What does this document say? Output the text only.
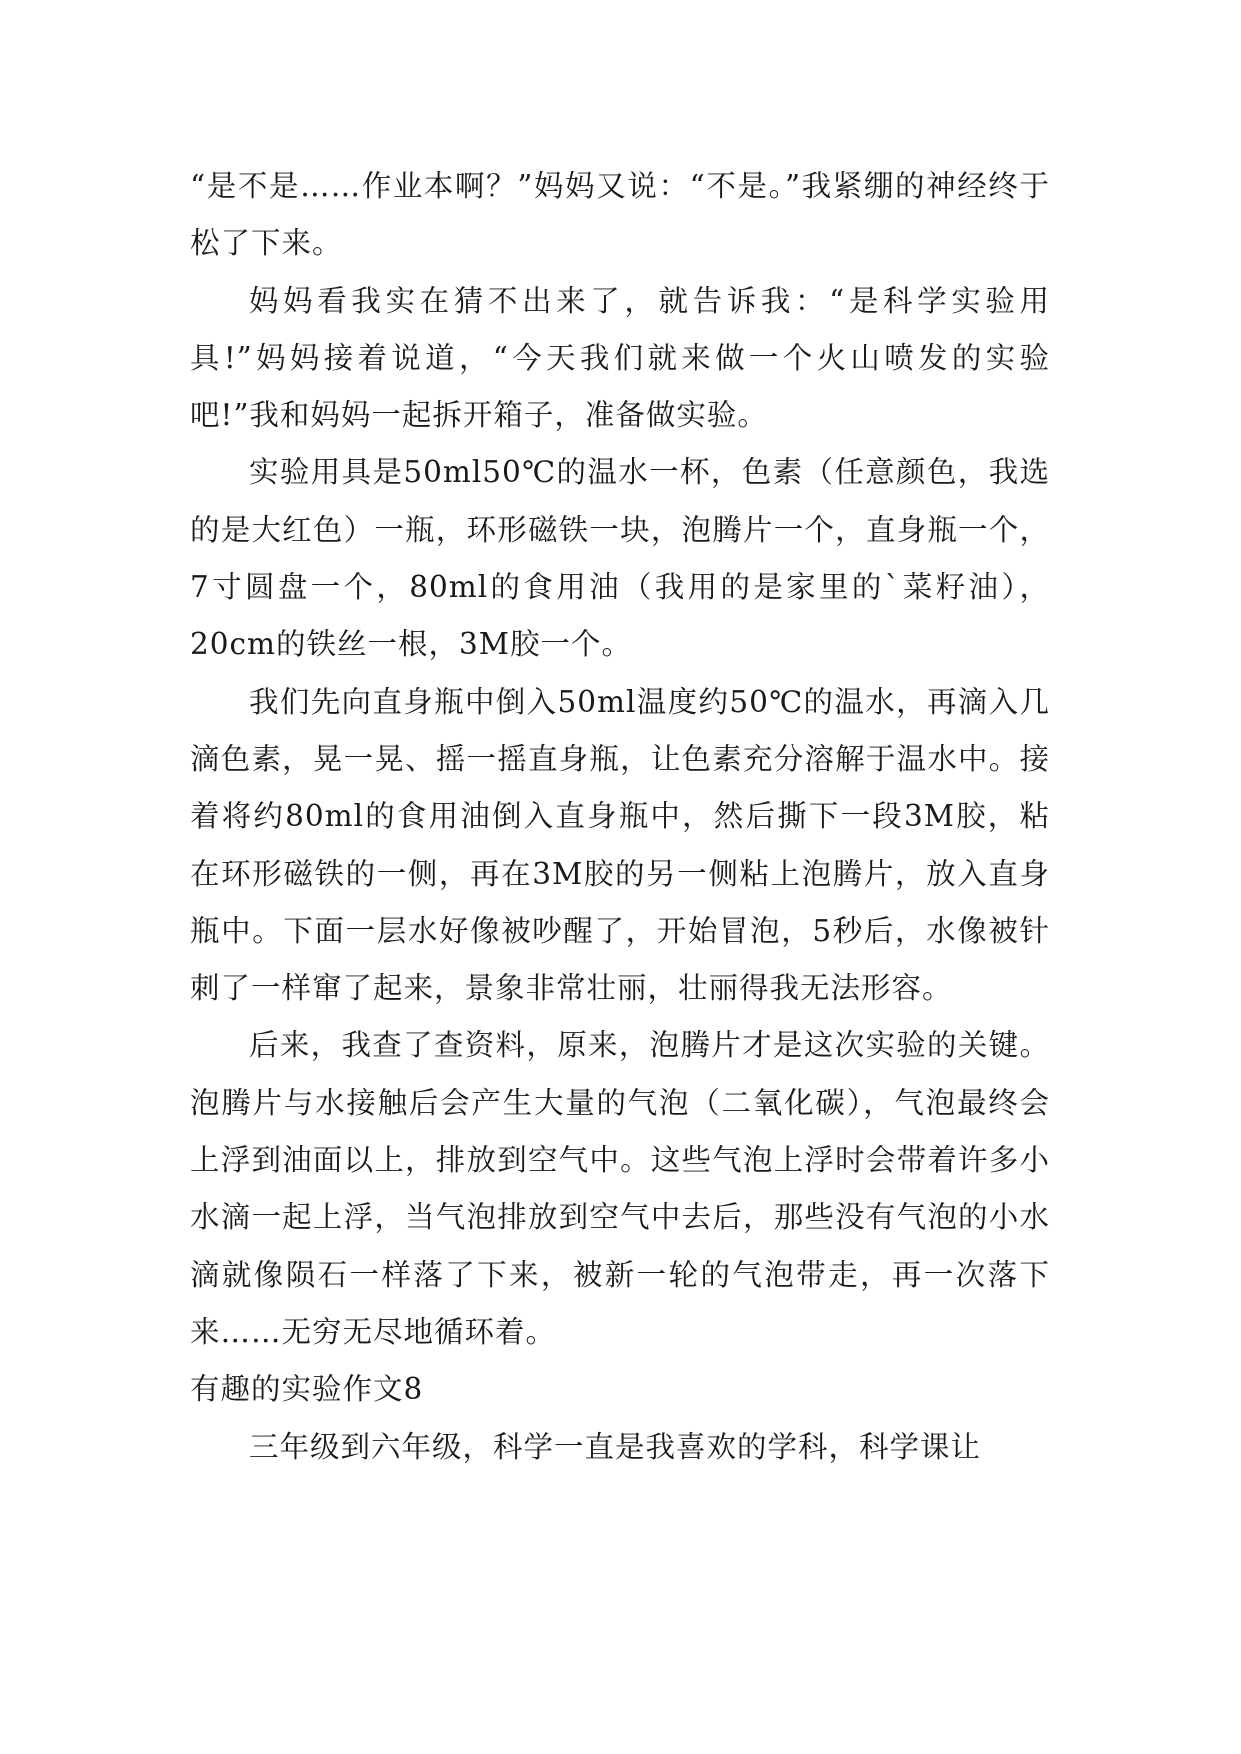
“是不是……作业本啊？”妈妈又说：“不是。”我紧绷的神经终于松了下来。

妈妈看我实在猜不出来了，就告诉我：“是科学实验用具!”妈妈接着说道，“今天我们就来做一个火山喷发的实验吧!”我和妈妈一起拆开箱子，准备做实验。

实验用具是50ml50℃的温水一杯，色素（任意颜色，我选的是大红色）一瓶，环形磁铁一块，泡腾片一个，直身瓶一个，7寸圆盘一个，80ml的食用油（我用的是家里的`菜籽油），20cm的铁丝一根，3M胶一个。

我们先向直身瓶中倒入50ml温度约50℃的温水，再滴入几滴色素，晃一晃、摇一摇直身瓶，让色素充分溶解于温水中。接着将约80ml的食用油倒入直身瓶中，然后撕下一段3M胶，粘在环形磁铁的一侧，再在3M胶的另一侧粘上泡腾片，放入直身瓶中。下面一层水好像被吵醒了，开始冒泡，5秒后，水像被针刺了一样窜了起来，景象非常壮丽，壮丽得我无法形容。

后来，我查了查资料，原来，泡腾片才是这次实验的关键。泡腾片与水接触后会产生大量的气泡（二氧化碳），气泡最终会上浮到油面以上，排放到空气中。这些气泡上浮时会带着许多小水滴一起上浮，当气泡排放到空气中去后，那些没有气泡的小水滴就像陨石一样落了下来，被新一轮的气泡带走，再一次落下来……无穷无尽地循环着。

有趣的实验作文8

三年级到六年级，科学一直是我喜欢的学科，科学课让
